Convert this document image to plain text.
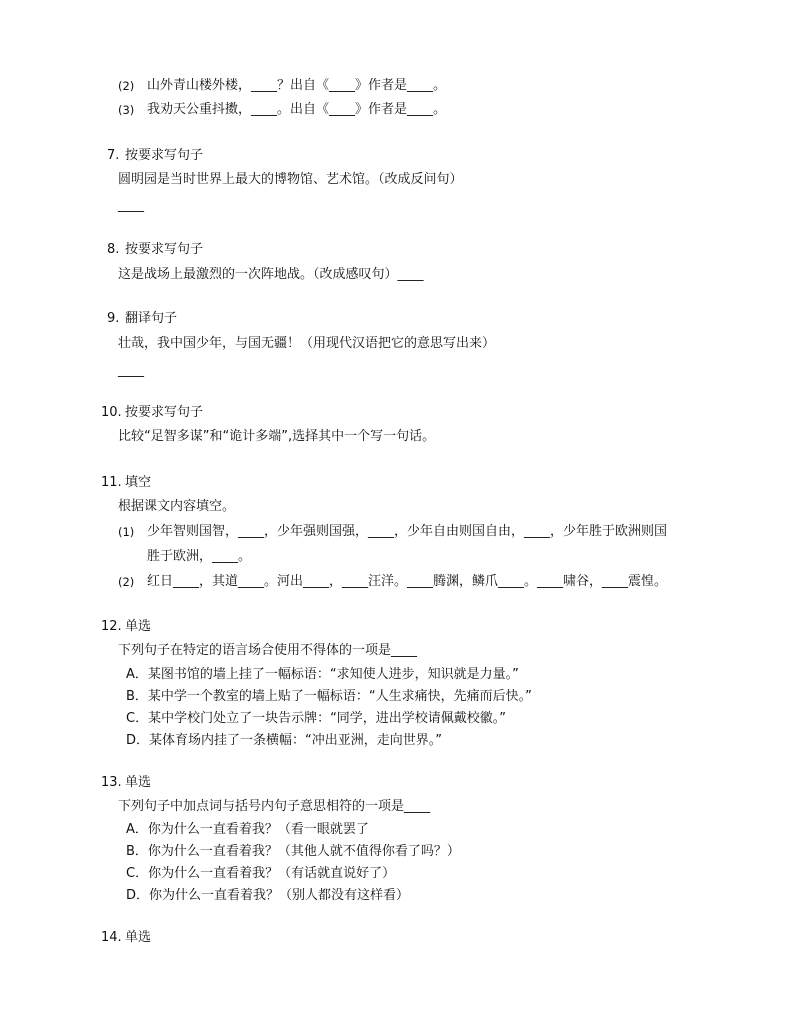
(2) 山外青山楼外楼，____？出自《____》作者是____。
(3) 我劝天公重抖擞，____。出自《____》作者是____。
7. 按要求写句子
圆明园是当时世界上最大的博物馆、艺术馆。（改成反问句）
____
8. 按要求写句子
这是战场上最激烈的一次阵地战。（改成感叹句）____
9. 翻译句子
壮哉，我中国少年，与国无疆！（用现代汉语把它的意思写出来）
____
10. 按要求写句子
比较“足智多谋”和“诡计多端”,选择其中一个写一句话。
11. 填空
根据课文内容填空。
(1) 少年智则国智，____，少年强则国强，____，少年自由则国自由，____，少年胜于欧洲则国
胜于欧洲，____。
(2) 红日____，其道____。河出____，____汪洋。____腾渊，鳞爪____。____啸谷，____震惶。
12. 单选
下列句子在特定的语言场合使用不得体的一项是____
A．某图书馆的墙上挂了一幅标语：“求知使人进步，知识就是力量。”
B．某中学一个教室的墙上贴了一幅标语：“人生求痛快，先痛而后快。”
C．某中学校门处立了一块告示牌：“同学，进出学校请佩戴校徽。”
D．某体育场内挂了一条横幅：“冲出亚洲，走向世界。”
13. 单选
下列句子中加点词与括号内句子意思相符的一项是____
A．你为什么一直看着我？（看一眼就罢了
B．你为什么一直看着我？（其他人就不值得你看了吗？）
C．你为什么一直看着我？（有话就直说好了）
D．你为什么一直看着我？（别人都没有这样看）
14. 单选
